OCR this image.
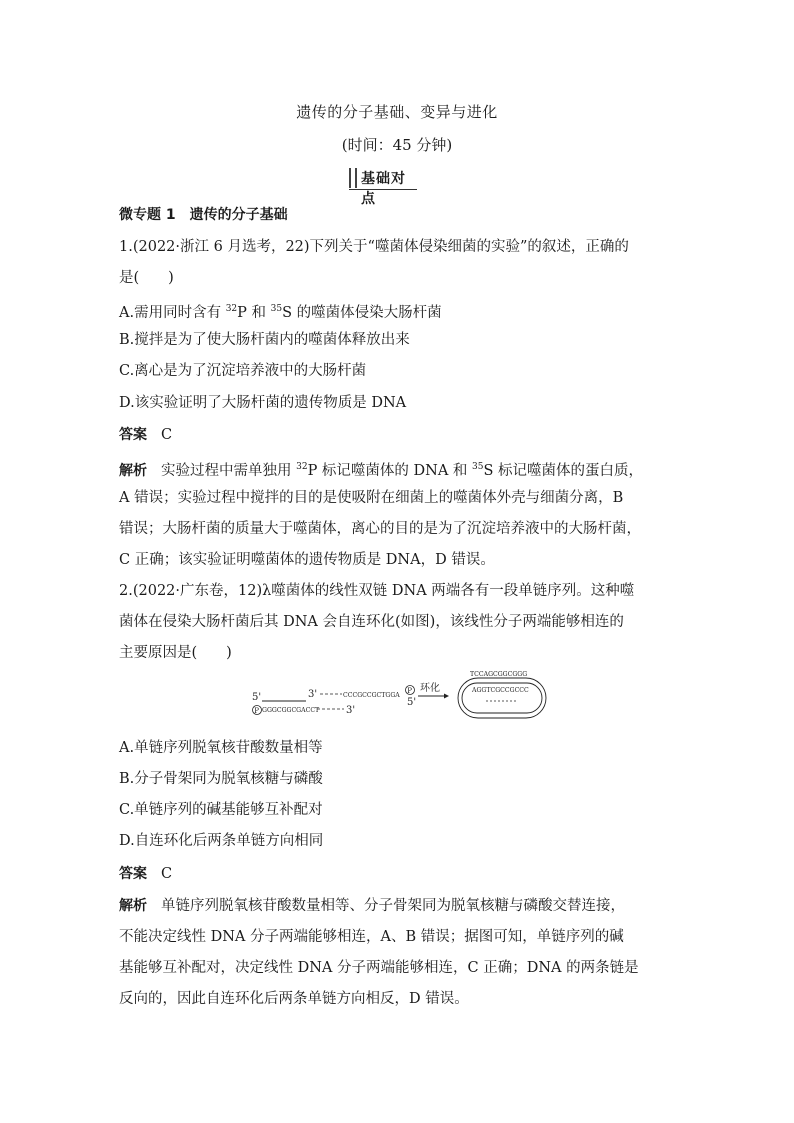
遗传的分子基础、变异与进化
(时间：45 分钟)
基础对点
微专题 1 遗传的分子基础
1.(2022·浙江 6 月选考，22)下列关于“噬菌体侵染细菌的实验”的叙述，正确的
是(　　)
A.需用同时含有 $^{32}$P 和 $^{35}$S 的噬菌体侵染大肠杆菌
B.搅拌是为了使大肠杆菌内的噬菌体释放出来
C.离心是为了沉淀培养液中的大肠杆菌
D.该实验证明了大肠杆菌的遗传物质是 DNA
答案 C
解析 实验过程中需单独用 $^{32}$P 标记噬菌体的 DNA 和 $^{35}$S 标记噬菌体的蛋白质，
A 错误；实验过程中搅拌的目的是使吸附在细菌上的噬菌体外壳与细菌分离，B
错误；大肠杆菌的质量大于噬菌体，离心的目的是为了沉淀培养液中的大肠杆菌，
C 正确；该实验证明噬菌体的遗传物质是 DNA，D 错误。
2.(2022·广东卷，12)λ噬菌体的线性双链 DNA 两端各有一段单链序列。这种噬
菌体在侵染大肠杆菌后其 DNA 会自连环化(如图)，该线性分子两端能够相连的
主要原因是(　　)
5'
P
3'	CCCGCCGCTGGA
P
5'
GGGCGGCGACCT	3'
环化
TCCAGCGGCGGG
AGGTCGCCGCCC
A.单链序列脱氧核苷酸数量相等
B.分子骨架同为脱氧核糖与磷酸
C.单链序列的碱基能够互补配对
D.自连环化后两条单链方向相同
答案 C
解析 单链序列脱氧核苷酸数量相等、分子骨架同为脱氧核糖与磷酸交替连接，
不能决定线性 DNA 分子两端能够相连，A、B 错误；据图可知，单链序列的碱
基能够互补配对，决定线性 DNA 分子两端能够相连，C 正确；DNA 的两条链是
反向的，因此自连环化后两条单链方向相反，D 错误。
